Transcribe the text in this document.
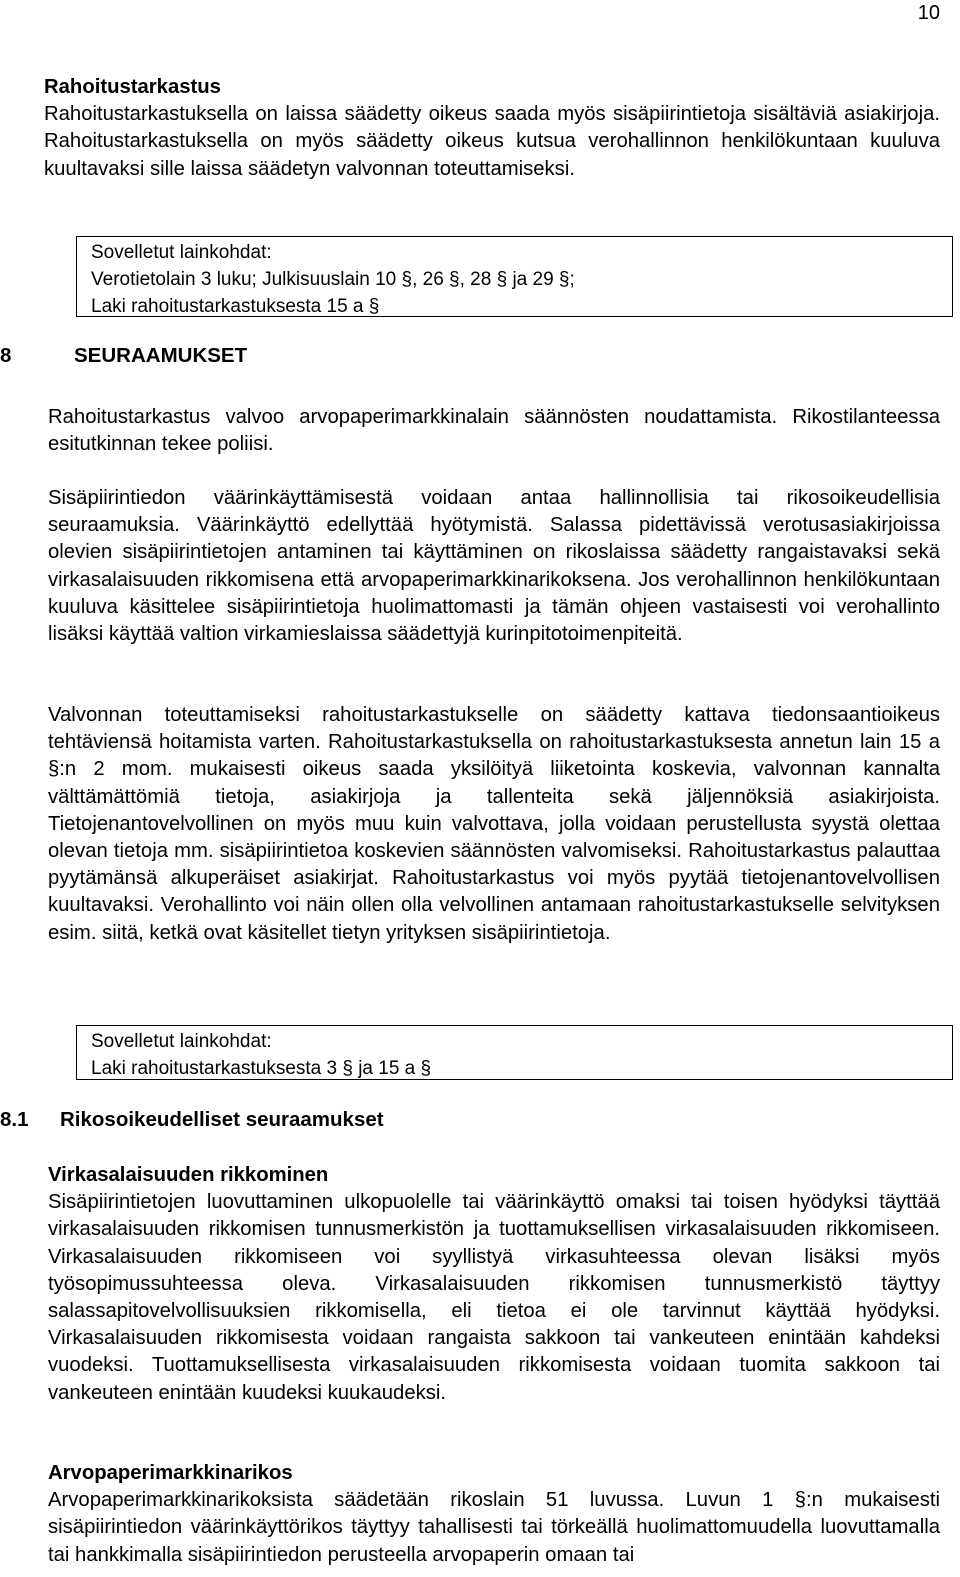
10
Rahoitustarkastus

Rahoitustarkastuksella on laissa säädetty oikeus saada myös sisäpiirintietoja sisältäviä asiakirjoja. Rahoitustarkastuksella on myös säädetty oikeus kutsua verohallinnon henkilökuntaan kuuluva kuultavaksi sille laissa säädetyn valvonnan toteuttamiseksi.

Sovelletut lainkohdat:
Verotietolain 3 luku; Julkisuuslain 10 §, 26 §, 28 § ja 29 §;
Laki rahoitustarkastuksesta 15 a §
8	SEURAAMUKSET

Rahoitustarkastus valvoo arvopaperimarkkinalain säännösten noudattamista. Rikostilanteessa esitutkinnan tekee poliisi.

Sisäpiirintiedon väärinkäyttämisestä voidaan antaa hallinnollisia tai rikosoikeudellisia seuraamuksia. Väärinkäyttö edellyttää hyötymistä. Salassa pidettävissä verotusasiakirjoissa olevien sisäpiirintietojen antaminen tai käyttäminen on rikoslaissa säädetty rangaistavaksi sekä virkasalaisuuden rikkomisena että arvopaperimarkkinarikoksena. Jos verohallinnon henkilökuntaan kuuluva käsittelee sisäpiirintietoja huolimattomasti ja tämän ohjeen vastaisesti voi verohallinto lisäksi käyttää valtion virkamieslaissa säädettyjä kurinpitotoimenpiteitä.

Valvonnan toteuttamiseksi rahoitustarkastukselle on säädetty kattava tiedonsaantioikeus tehtäviensä hoitamista varten. Rahoitustarkastuksella on rahoitustarkastuksesta annetun lain 15 a §:n 2 mom. mukaisesti oikeus saada yksilöityä liiketointa koskevia, valvonnan kannalta välttämättömiä tietoja, asiakirjoja ja tallenteita sekä jäljennöksiä asiakirjoista. Tietojenantovelvollinen on myös muu kuin valvottava, jolla voidaan perustellusta syystä olettaa olevan tietoja mm. sisäpiirintietoa koskevien säännösten valvomiseksi. Rahoitustarkastus palauttaa pyytämänsä alkuperäiset asiakirjat. Rahoitustarkastus voi myös pyytää tietojenantovelvollisen kuultavaksi. Verohallinto voi näin ollen olla velvollinen antamaan rahoitustarkastukselle selvityksen esim. siitä, ketkä ovat käsitellet tietyn yrityksen sisäpiirintietoja.

Sovelletut lainkohdat:
Laki rahoitustarkastuksesta 3 § ja 15 a §
8.1 Rikosoikeudelliset seuraamukset
Virkasalaisuuden rikkominen

Sisäpiirintietojen luovuttaminen ulkopuolelle tai väärinkäyttö omaksi tai toisen hyödyksi täyttää virkasalaisuuden rikkomisen tunnusmerkistön ja tuottamuksellisen virkasalaisuuden rikkomiseen. Virkasalaisuuden rikkomiseen voi syyllistyä virkasuhteessa olevan lisäksi myös työsopimussuhteessa oleva. Virkasalaisuuden rikkomisen tunnusmerkistö täyttyy salassapitovelvollisuuksien rikkomisella, eli tietoa ei ole tarvinnut käyttää hyödyksi. Virkasalaisuuden rikkomisesta voidaan rangaista sakkoon tai vankeuteen enintään kahdeksi vuodeksi. Tuottamuksellisesta virkasalaisuuden rikkomisesta voidaan tuomita sakkoon tai vankeuteen enintään kuudeksi kuukaudeksi.

Arvopaperimarkkinarikos

Arvopaperimarkkinarikoksista säädetään rikoslain 51 luvussa. Luvun 1 §:n mukaisesti sisäpiirintiedon väärinkäyttörikos täyttyy tahallisesti tai törkeällä huolimattomuudella luovuttamalla tai hankkimalla sisäpiirintiedon perusteella arvopaperin omaan tai
